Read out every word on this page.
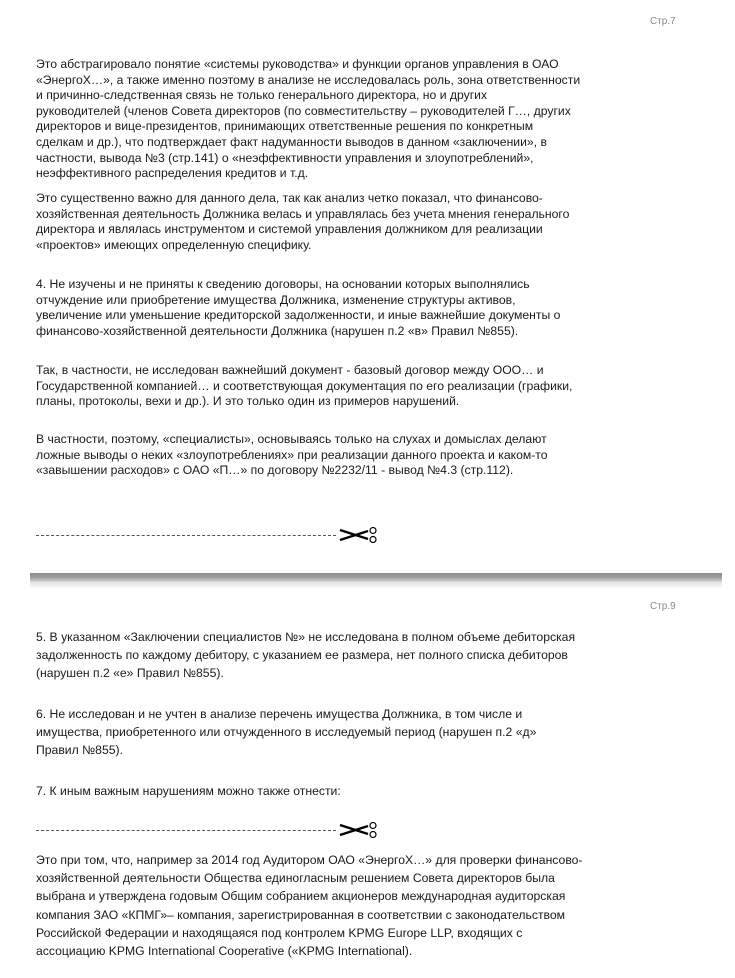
Стр.7

Это абстрагировало понятие «системы руководства» и функции органов управления в ОАО
«ЭнергоХ…», а также именно поэтому в анализе не исследовалась роль, зона ответственности
и причинно-следственная связь не только генерального директора, но и других
руководителей (членов Совета директоров (по совместительству – руководителей Г…, других
директоров и вице-президентов, принимающих ответственные решения по конкретным
сделкам и др.), что подтверждает факт надуманности выводов в данном «заключении», в
частности, вывода №3 (стр.141) о «неэффективности управления и злоупотреблений»,
неэффективного распределения кредитов и т.д.

Это существенно важно для данного дела, так как анализ четко показал, что финансово-
хозяйственная деятельность Должника велась и управлялась без учета мнения генерального
директора и являлась инструментом и системой управления должником для реализации
«проектов» имеющих определенную специфику.

4. Не изучены и не приняты к сведению договоры, на основании которых выполнялись
отчуждение или приобретение имущества Должника, изменение структуры активов,
увеличение или уменьшение кредиторской задолженности, и иные важнейшие документы о
финансово-хозяйственной деятельности Должника (нарушен п.2 «в» Правил №855).

Так, в частности, не исследован важнейший документ - базовый договор между ООО… и
Государственной компанией… и соответствующая документация по его реализации (графики,
планы, протоколы, вехи и др.). И это только один из примеров нарушений.

В частности, поэтому, «специалисты», основываясь только на слухах и домыслах делают
ложные выводы о неких «злоупотреблениях» при реализации данного проекта и каком-то
«завышении расходов» с ОАО «П…» по договору №2232/11 - вывод №4.3 (стр.112).

Стр.9

5. В указанном «Заключении специалистов №» не исследована в полном объеме дебиторская
задолженность по каждому дебитору, с указанием ее размера, нет полного списка дебиторов
(нарушен п.2 «е» Правил №855).

6. Не исследован и не учтен в анализе перечень имущества Должника, в том числе и
имущества, приобретенного или отчужденного в исследуемый период (нарушен п.2 «д»
Правил №855).

7. К иным важным нарушениям можно также отнести:

Это при том, что, например за 2014 год Аудитором ОАО «ЭнергоХ…» для проверки финансово-
хозяйственной деятельности Общества единогласным решением Совета директоров была
выбрана и утверждена годовым Общим собранием акционеров международная аудиторская
компания ЗАО «КПМГ»– компания, зарегистрированная в соответствии с законодательством
Российской Федерации и находящаяся под контролем KPMG Europe LLP, входящих с
ассоциацию KPMG International Cooperative («KPMG International).
